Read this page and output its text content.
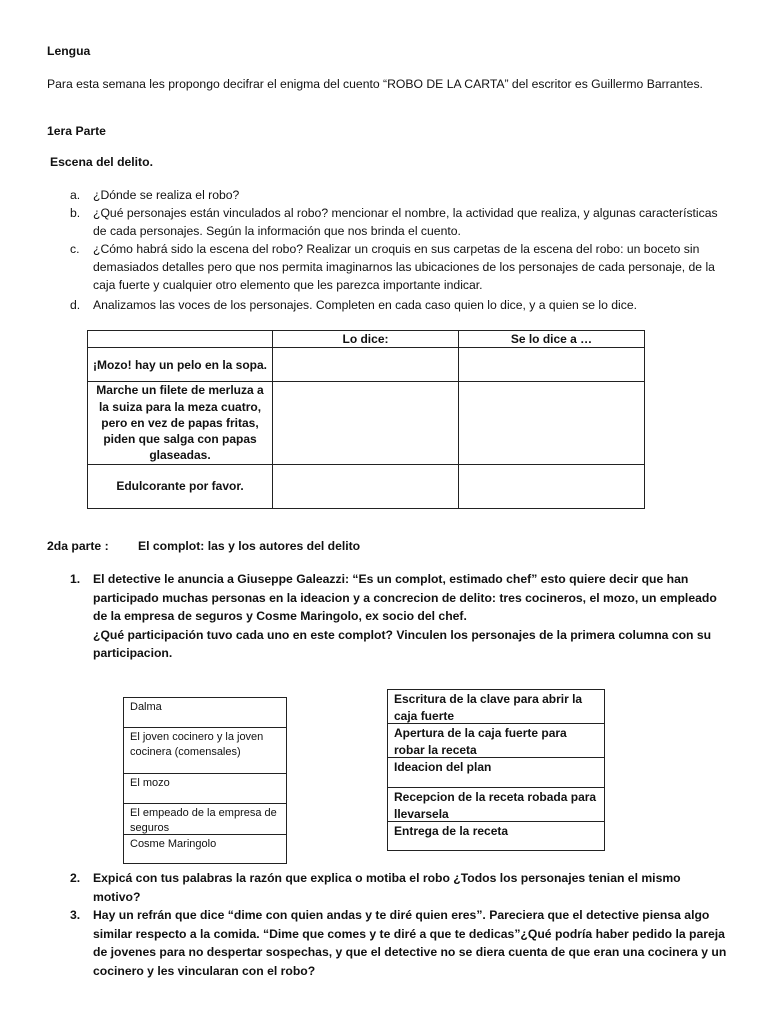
Lengua

Para esta semana les propongo decifrar el enigma del cuento “ROBO DE LA CARTA” del escritor es Guillermo Barrantes.

1era Parte
Escena del delito.
a. ¿Dónde se realiza el robo?
b. ¿Qué personajes están vinculados al robo? mencionar el nombre, la actividad que realiza, y algunas características de cada personajes. Según la información que nos brinda el cuento.
c. ¿Cómo habrá sido la escena del robo? Realizar un croquis en sus carpetas de la escena del robo: un boceto sin demasiados detalles pero que nos permita imaginarnos las ubicaciones de los personajes de cada personaje, de la caja fuerte y cualquier otro elemento que les parezca importante indicar.
d. Analizamos las voces de los personajes. Completen en cada caso quien lo dice, y a quien se lo dice.
	Lo dice:	Se lo dice a …
¡Mozo! hay un pelo en la sopa.		
Marche un filete de merluza a la suiza para la meza cuatro, pero en vez de papas fritas, piden que salga con papas glaseadas.		
Edulcorante por favor.		
2da parte : El complot: las y los autores del delito
1. El detective le anuncia a Giuseppe Galeazzi: “Es un complot, estimado chef” esto quiere decir que han participado muchas personas en la ideacion y a concrecion de delito: tres cocineros, el mozo, un empleado de la empresa de seguros y Cosme Maringolo, ex socio del chef.
¿Qué participación tuvo cada uno en este complot? Vinculen los personajes de la primera columna con su participacion.
Dalma
El joven cocinero y la joven cocinera (comensales)
El mozo
El empeado de la empresa de seguros
Cosme Maringolo
Escritura de la clave para abrir la caja fuerte
Apertura de la caja fuerte para robar la receta
Ideacion del plan
Recepcion de la receta robada para llevarsela
Entrega de la receta
2. Expicá con tus palabras la razón que explica o motiba el robo ¿Todos los personajes tenian el mismo motivo?
3. Hay un refrán que dice “dime con quien andas y te diré quien eres”. Pareciera que el detective piensa algo similar respecto a la comida. “Dime que comes y te diré a que te dedicas”¿Qué podría haber pedido la pareja de jovenes para no despertar sospechas, y que el detective no se diera cuenta de que eran una cocinera y un cocinero y les vincularan con el robo?
